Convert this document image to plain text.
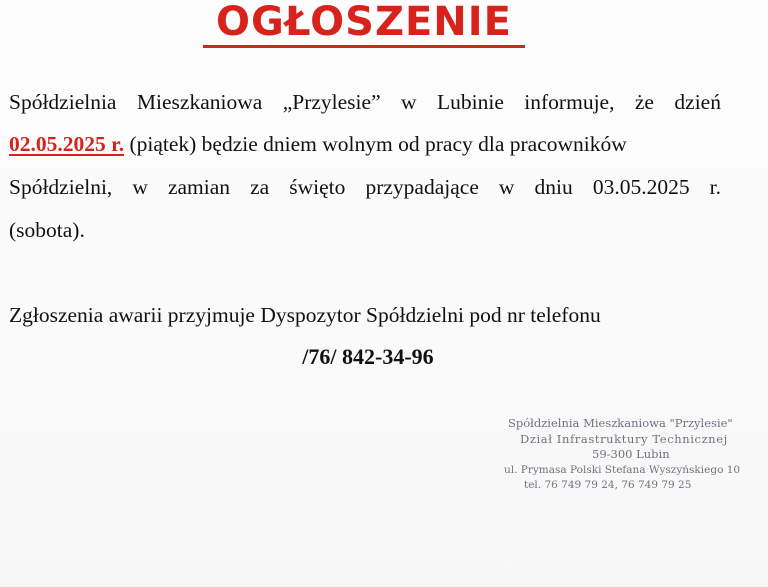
OGŁOSZENIE
Spółdzielnia Mieszkaniowa „Przylesie” w Lubinie informuje, że dzień
02.05.2025 r. (piątek) będzie dniem wolnym od pracy dla pracowników
Spółdzielni, w zamian za święto przypadające w dniu 03.05.2025 r.
(sobota).
Zgłoszenia awarii przyjmuje Dyspozytor Spółdzielni pod nr telefonu
/76/ 842-34-96
Spółdzielnia Mieszkaniowa "Przylesie"
Dział Infrastruktury Technicznej
59-300 Lubin
ul. Prymasa Polski Stefana Wyszyńskiego 10
tel. 76 749 79 24, 76 749 79 25
